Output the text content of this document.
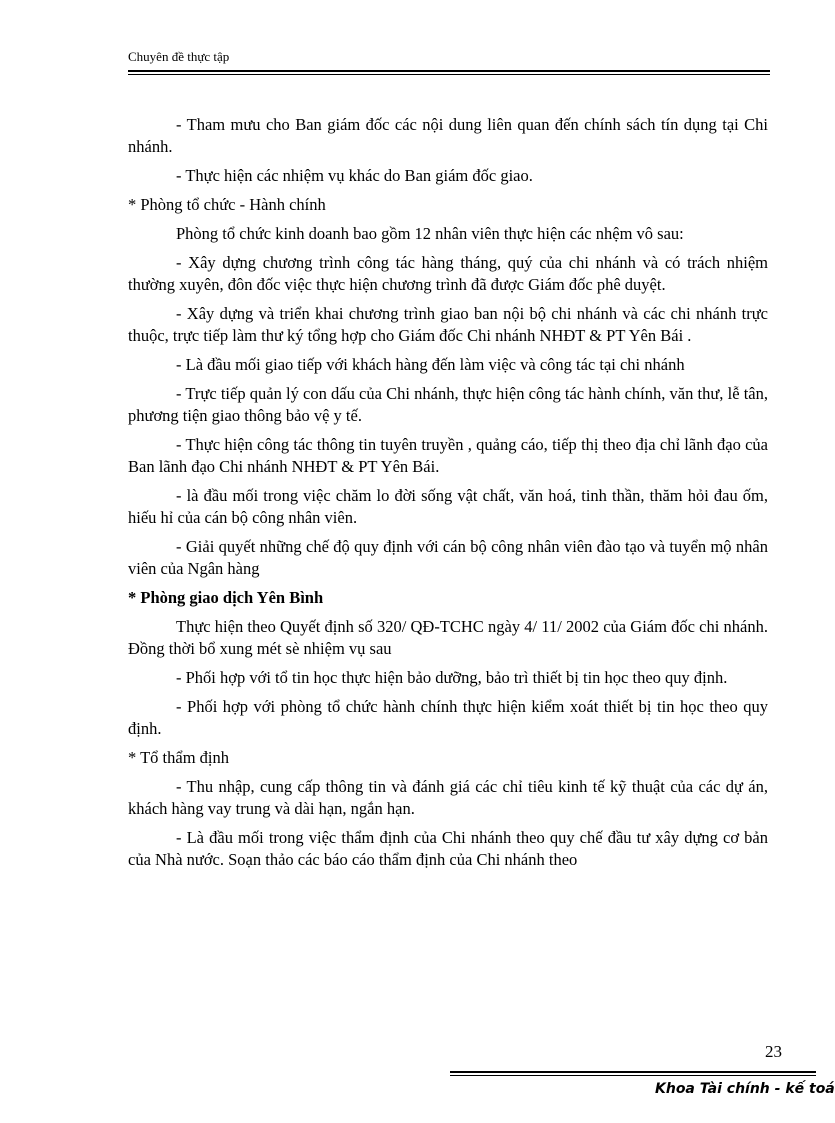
Chuyên đề thực tập

- Tham mưu cho Ban giám đốc các nội dung liên quan đến chính sách tín dụng tại Chi nhánh.

- Thực hiện các nhiệm vụ khác do Ban giám đốc giao.

* Phòng tổ chức - Hành chính

Phòng tổ chức kinh doanh bao gồm 12 nhân viên thực hiện các nhệm vô sau:

- Xây dựng chương trình công tác hàng tháng, quý của chi nhánh và có trách nhiệm thường xuyên, đôn đốc việc thực hiện chương trình đã được Giám đốc phê duyệt.

- Xây dựng và triển khai chương trình giao ban nội bộ chi nhánh và các chi nhánh trực thuộc, trực tiếp làm thư ký tổng hợp cho Giám đốc Chi nhánh NHĐT & PT Yên Bái .

- Là đầu mối giao tiếp với khách hàng đến làm việc và công tác tại chi nhánh

- Trực tiếp quản lý con dấu của Chi nhánh, thực hiện công tác hành chính, văn thư, lễ tân, phương tiện giao thông bảo vệ y tế.

- Thực hiện công tác thông tin tuyên truyền , quảng cáo, tiếp thị theo địa chỉ lãnh đạo của Ban lãnh đạo Chi nhánh NHĐT & PT Yên Bái.

- là đầu mối trong việc chăm lo đời sống vật chất, văn hoá, tinh thần, thăm hỏi đau ốm, hiếu hỉ của cán bộ công nhân viên.

- Giải quyết những chế độ quy định với cán bộ công nhân viên đào tạo và tuyển mộ nhân viên của Ngân hàng

* Phòng giao dịch Yên Bình

Thực hiện theo Quyết định số 320/ QĐ-TCHC ngày 4/ 11/ 2002 của Giám đốc chi nhánh. Đồng thời bổ xung mét sè nhiệm vụ sau

- Phối hợp với tổ tin học thực hiện bảo dưỡng, bảo trì thiết bị tin học theo quy định.

- Phối hợp với phòng tổ chức hành chính thực hiện kiểm xoát thiết bị tin học theo quy định.

* Tổ thẩm định

- Thu nhập, cung cấp thông tin và đánh giá các chỉ tiêu kinh tế kỹ thuật của các dự án, khách hàng vay trung và dài hạn, ngắn hạn.

- Là đầu mối trong việc thẩm định của Chi nhánh theo quy chế đầu tư xây dựng cơ bản của Nhà nước. Soạn thảo các báo cáo thẩm định của Chi nhánh theo

23
Khoa Tài chính - kế toá
